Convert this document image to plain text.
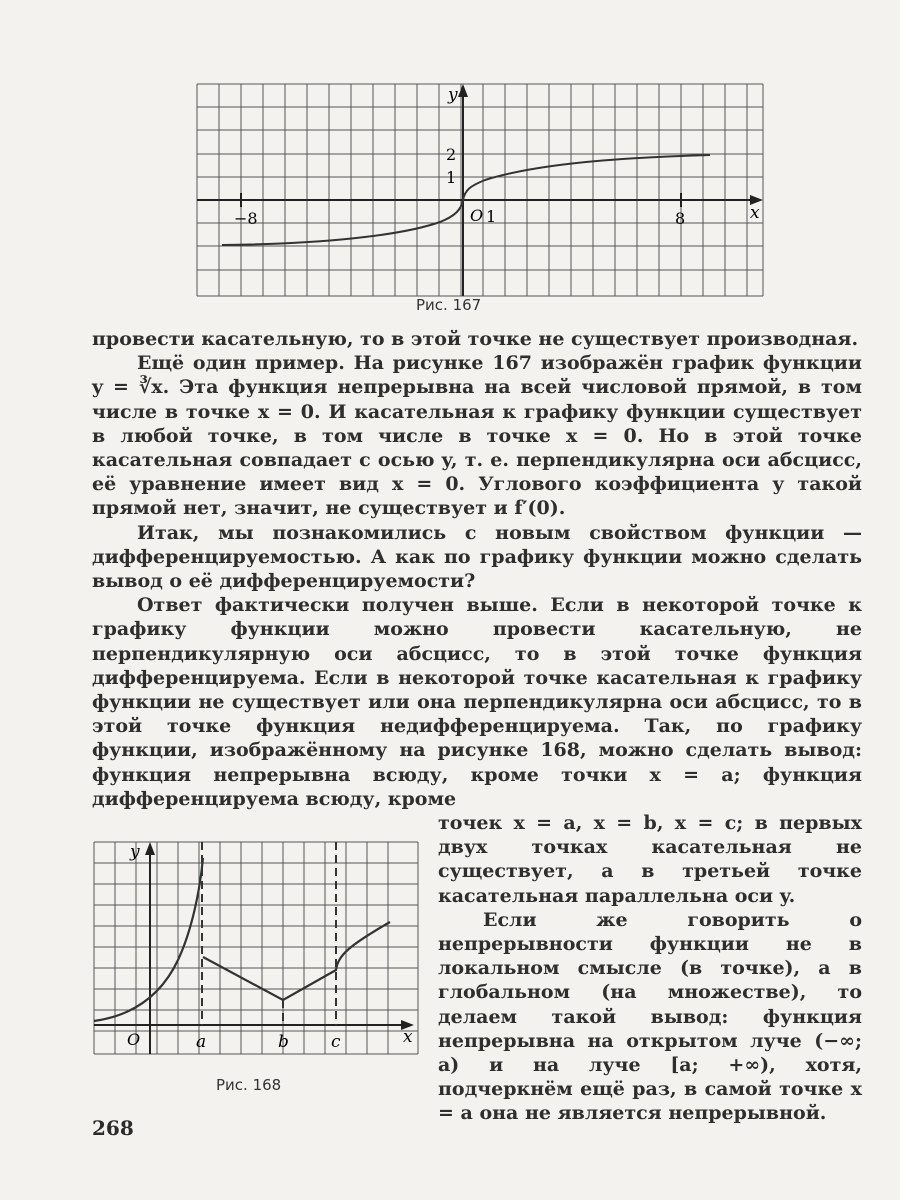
y
x
O 1
−8	8
1
2
Рис. 167

провести касательную, то в этой точке не существует производная.

Ещё один пример. На рисунке 167 изображён график функции y = ∛x. Эта функция непрерывна на всей числовой прямой, в том числе в точке x = 0. И касательная к графику функции существует в любой точке, в том числе в точке x = 0. Но в этой точке касательная совпадает с осью y, т. е. перпендикулярна оси абсцисс, её уравнение имеет вид x = 0. Углового коэффициента у такой прямой нет, значит, не существует и f′(0).

Итак, мы познакомились с новым свойством функции — дифференцируемостью. А как по графику функции можно сделать вывод о её дифференцируемости?

Ответ фактически получен выше. Если в некоторой точке к графику функции можно провести касательную, не перпендикулярную оси абсцисс, то в этой точке функция дифференцируема. Если в некоторой точке касательная к графику функции не существует или она перпендикулярна оси абсцисс, то в этой точке функция недифференцируема. Так, по графику функции, изображённому на рисунке 168, можно сделать вывод: функция непрерывна всюду, кроме точки x = a; функция дифференцируема всюду, кроме

y
x
O	a	b c
Рис. 168

точек x = a, x = b, x = c; в первых двух точках касательная не существует, а в третьей точке касательная параллельна оси y.

Если же говорить о непрерывности функции не в локальном смысле (в точке), а в глобальном (на множестве), то делаем такой вывод: функция непрерывна на открытом луче (−∞; a) и на луче [a; +∞), хотя, подчеркнём ещё раз, в самой точке x = a она не является непрерывной.

268
